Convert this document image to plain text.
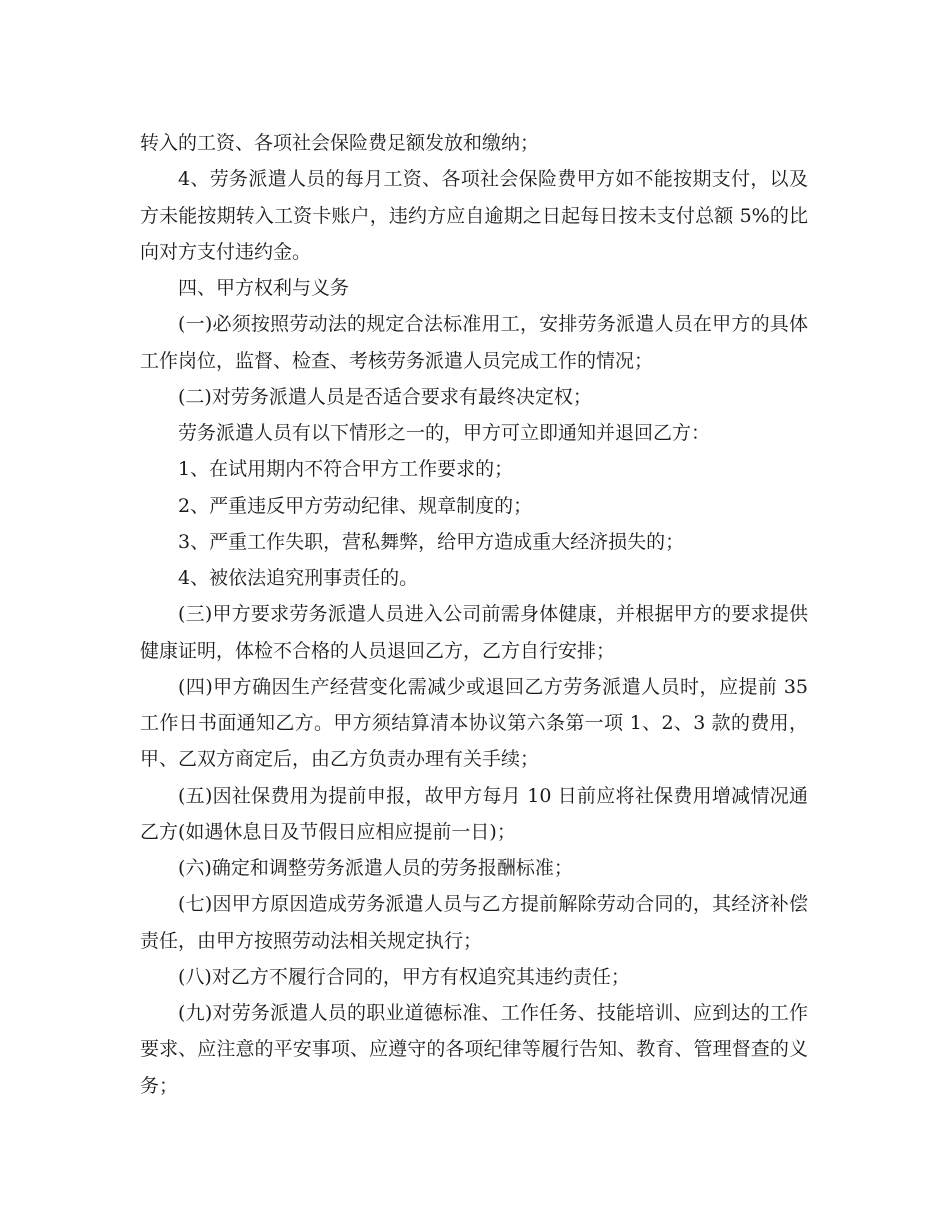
转入的工资、各项社会保险费足额发放和缴纳；
4、劳务派遣人员的每月工资、各项社会保险费甲方如不能按期支付，以及
方未能按期转入工资卡账户，违约方应自逾期之日起每日按未支付总额 5%的比
向对方支付违约金。
四、甲方权利与义务
(一)必须按照劳动法的规定合法标准用工，安排劳务派遣人员在甲方的具体
工作岗位，监督、检查、考核劳务派遣人员完成工作的情况；
(二)对劳务派遣人员是否适合要求有最终决定权；
劳务派遣人员有以下情形之一的，甲方可立即通知并退回乙方：
1、在试用期内不符合甲方工作要求的；
2、严重违反甲方劳动纪律、规章制度的；
3、严重工作失职，营私舞弊，给甲方造成重大经济损失的；
4、被依法追究刑事责任的。
(三)甲方要求劳务派遣人员进入公司前需身体健康，并根据甲方的要求提供
健康证明，体检不合格的人员退回乙方，乙方自行安排；
(四)甲方确因生产经营变化需减少或退回乙方劳务派遣人员时，应提前 35
工作日书面通知乙方。甲方须结算清本协议第六条第一项 1、2、3 款的费用，
甲、乙双方商定后，由乙方负责办理有关手续；
(五)因社保费用为提前申报，故甲方每月 10 日前应将社保费用增减情况通
乙方(如遇休息日及节假日应相应提前一日)；
(六)确定和调整劳务派遣人员的劳务报酬标准；
(七)因甲方原因造成劳务派遣人员与乙方提前解除劳动合同的，其经济补偿
责任，由甲方按照劳动法相关规定执行；
(八)对乙方不履行合同的，甲方有权追究其违约责任；
(九)对劳务派遣人员的职业道德标准、工作任务、技能培训、应到达的工作
要求、应注意的平安事项、应遵守的各项纪律等履行告知、教育、管理督查的义
务；
